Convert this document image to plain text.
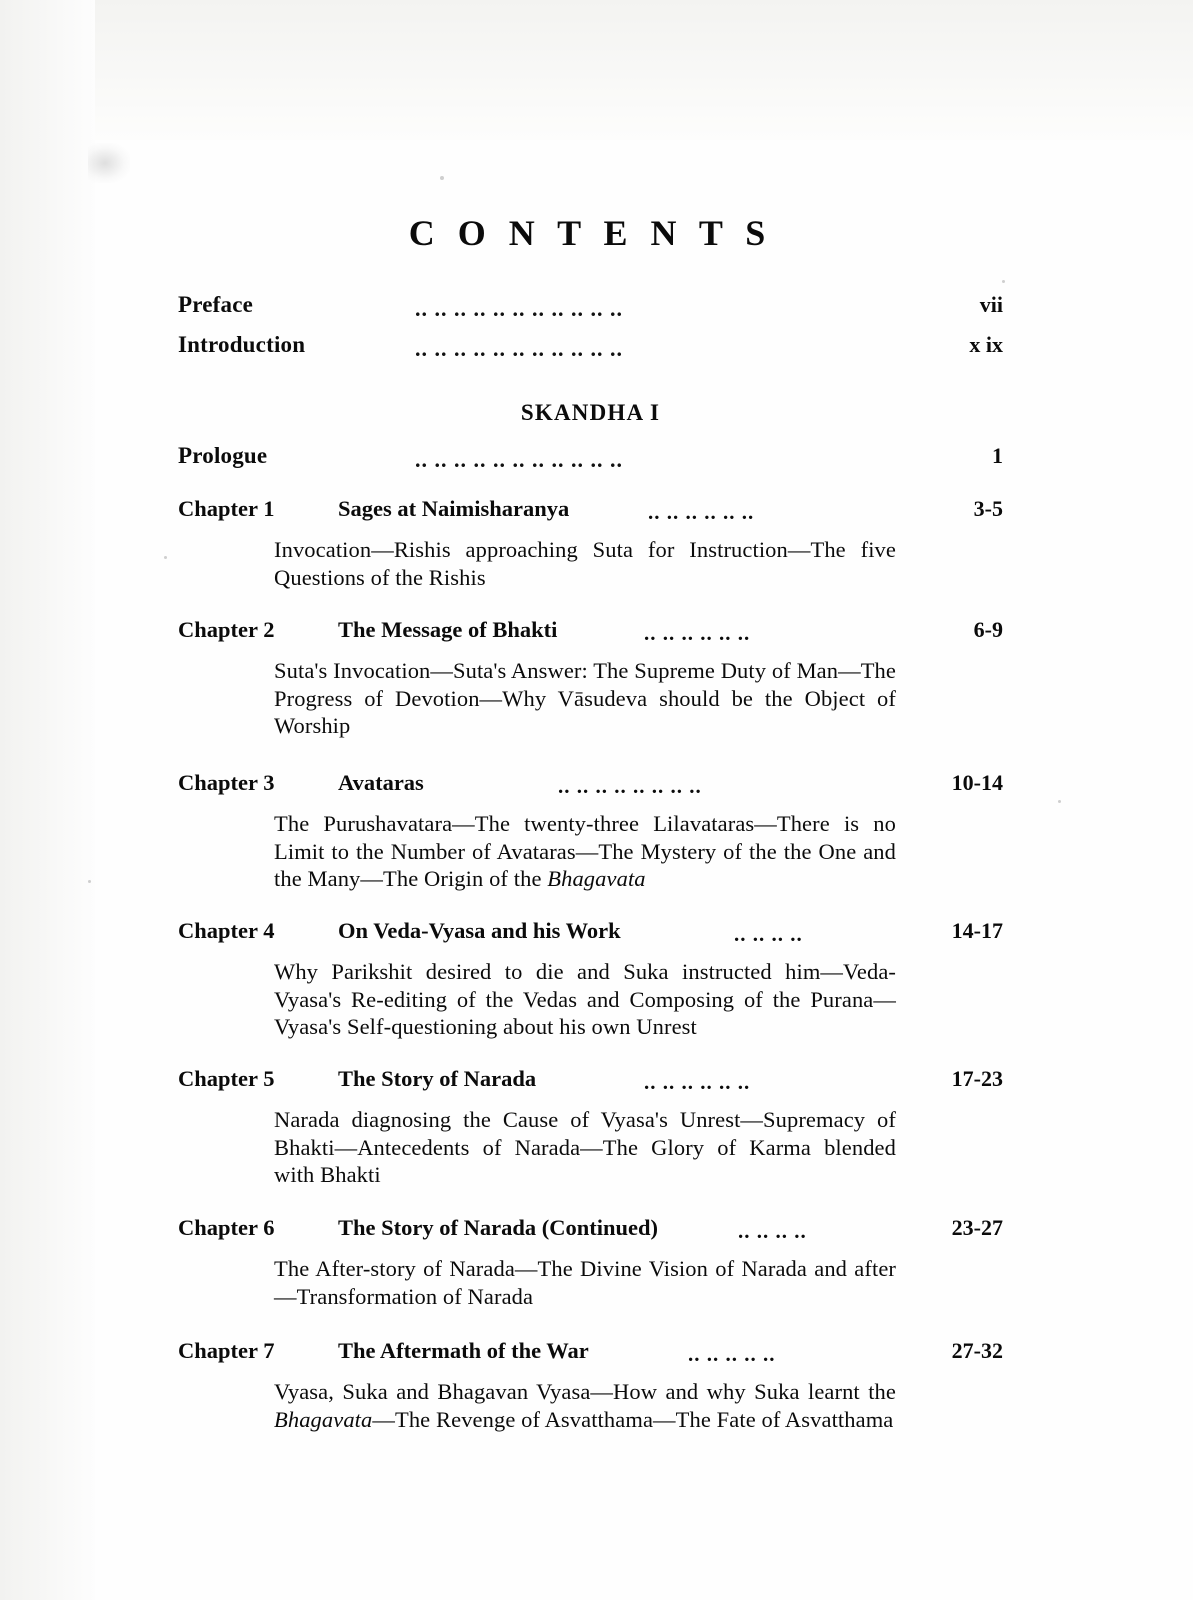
C O N T E N T S
Preface	.. .. .. .. .. .. .. .. .. .. ..	vii
Introduction	.. .. .. .. .. .. .. .. .. .. ..	x ix
SKANDHA I
Prologue	.. .. .. .. .. .. .. .. .. .. ..	1
Chapter 1	Sages at Naimisharanya	.. .. .. .. .. ..	3-5
Invocation—Rishis approaching Suta for Instruction—The five Questions of the Rishis
Chapter 2	The Message of Bhakti	.. .. .. .. .. ..	6-9
Suta's Invocation—Suta's Answer: The Supreme Duty of Man—The Progress of Devotion—Why Vāsudeva should be the Object of Worship
Chapter 3	Avataras	.. .. .. .. .. .. .. ..	10-14
The Purushavatara—The twenty-three Lilavataras—There is no Limit to the Number of Avataras—The Mystery of the the One and the Many—The Origin of the Bhagavata
Chapter 4	On Veda-Vyasa and his Work	.. .. .. ..	14-17
Why Parikshit desired to die and Suka instructed him—Veda-Vyasa's Re-editing of the Vedas and Composing of the Purana—Vyasa's Self-questioning about his own Unrest
Chapter 5	The Story of Narada	.. .. .. .. .. ..	17-23
Narada diagnosing the Cause of Vyasa's Unrest—Supremacy of Bhakti—Antecedents of Narada—The Glory of Karma blended with Bhakti
Chapter 6	The Story of Narada (Continued)	.. .. .. ..	23-27
The After-story of Narada—The Divine Vision of Narada and after—Transformation of Narada
Chapter 7	The Aftermath of the War	.. .. .. .. ..	27-32
Vyasa, Suka and Bhagavan Vyasa—How and why Suka learnt the Bhagavata—The Revenge of Asvatthama—The Fate of Asvatthama
